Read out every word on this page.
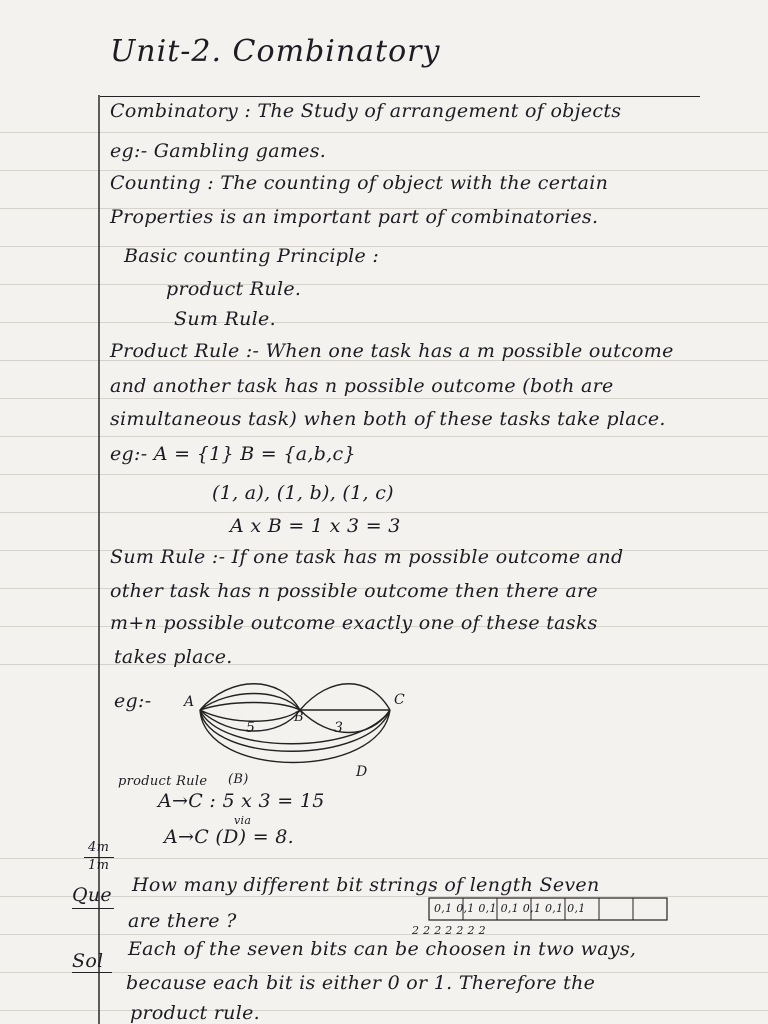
Unit-2. Combinatory
Combinatory : The Study of arrangement of objects
eg:- Gambling games.
Counting : The counting of object with the certain
Properties is an important part of combinatories.
Basic counting Principle :
product Rule.
Sum Rule.
Product Rule :- When one task has a m possible outcome
and another task has n possible outcome (both are
simultaneous task) when both of these tasks take place.
eg:- A = {1} B = {a,b,c}
(1, a), (1, b), (1, c)
A x B = 1 x 3 = 3
Sum Rule :- If one task has m possible outcome and
other task has n possible outcome then there are
m+n possible outcome exactly one of these tasks
takes place.
eg:- A
B
C
D
5	3
product Rule (B)
A→C : 5 x 3 = 15
via
A→C (D) = 8.
4m
1m
Que How many different bit strings of length Seven
are there ?
0,1 0,1 0,1 0,1 0,1 0,1 0,1
2 2 2 2 2 2 2
Sol
Each of the seven bits can be choosen in two ways,
because each bit is either 0 or 1. Therefore the
product rule.
